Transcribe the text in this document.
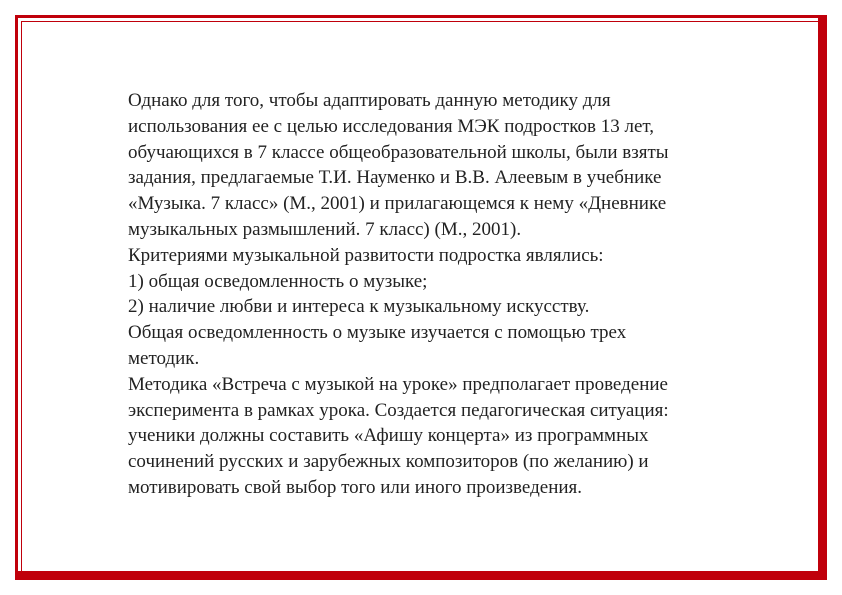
Однако для того, чтобы адаптировать данную методику для
использования ее с целью исследования МЭК подростков 13 лет,
обучающихся в 7 классе общеобразовательной школы, были взяты
задания, предлагаемые Т.И. Науменко и В.В. Алеевым в учебнике
«Музыка. 7 класс» (М., 2001) и прилагающемся к нему «Дневнике
музыкальных размышлений. 7 класс) (М., 2001).
Критериями музыкальной развитости подростка являлись:
1) общая осведомленность о музыке;
2) наличие любви и интереса к музыкальному искусству.
Общая осведомленность о музыке изучается с помощью трех
методик.
Методика «Встреча с музыкой на уроке» предполагает проведение
эксперимента в рамках урока. Создается педагогическая ситуация:
ученики должны составить «Афишу концерта» из программных
сочинений русских и зарубежных композиторов (по желанию) и
мотивировать свой выбор того или иного произведения.
